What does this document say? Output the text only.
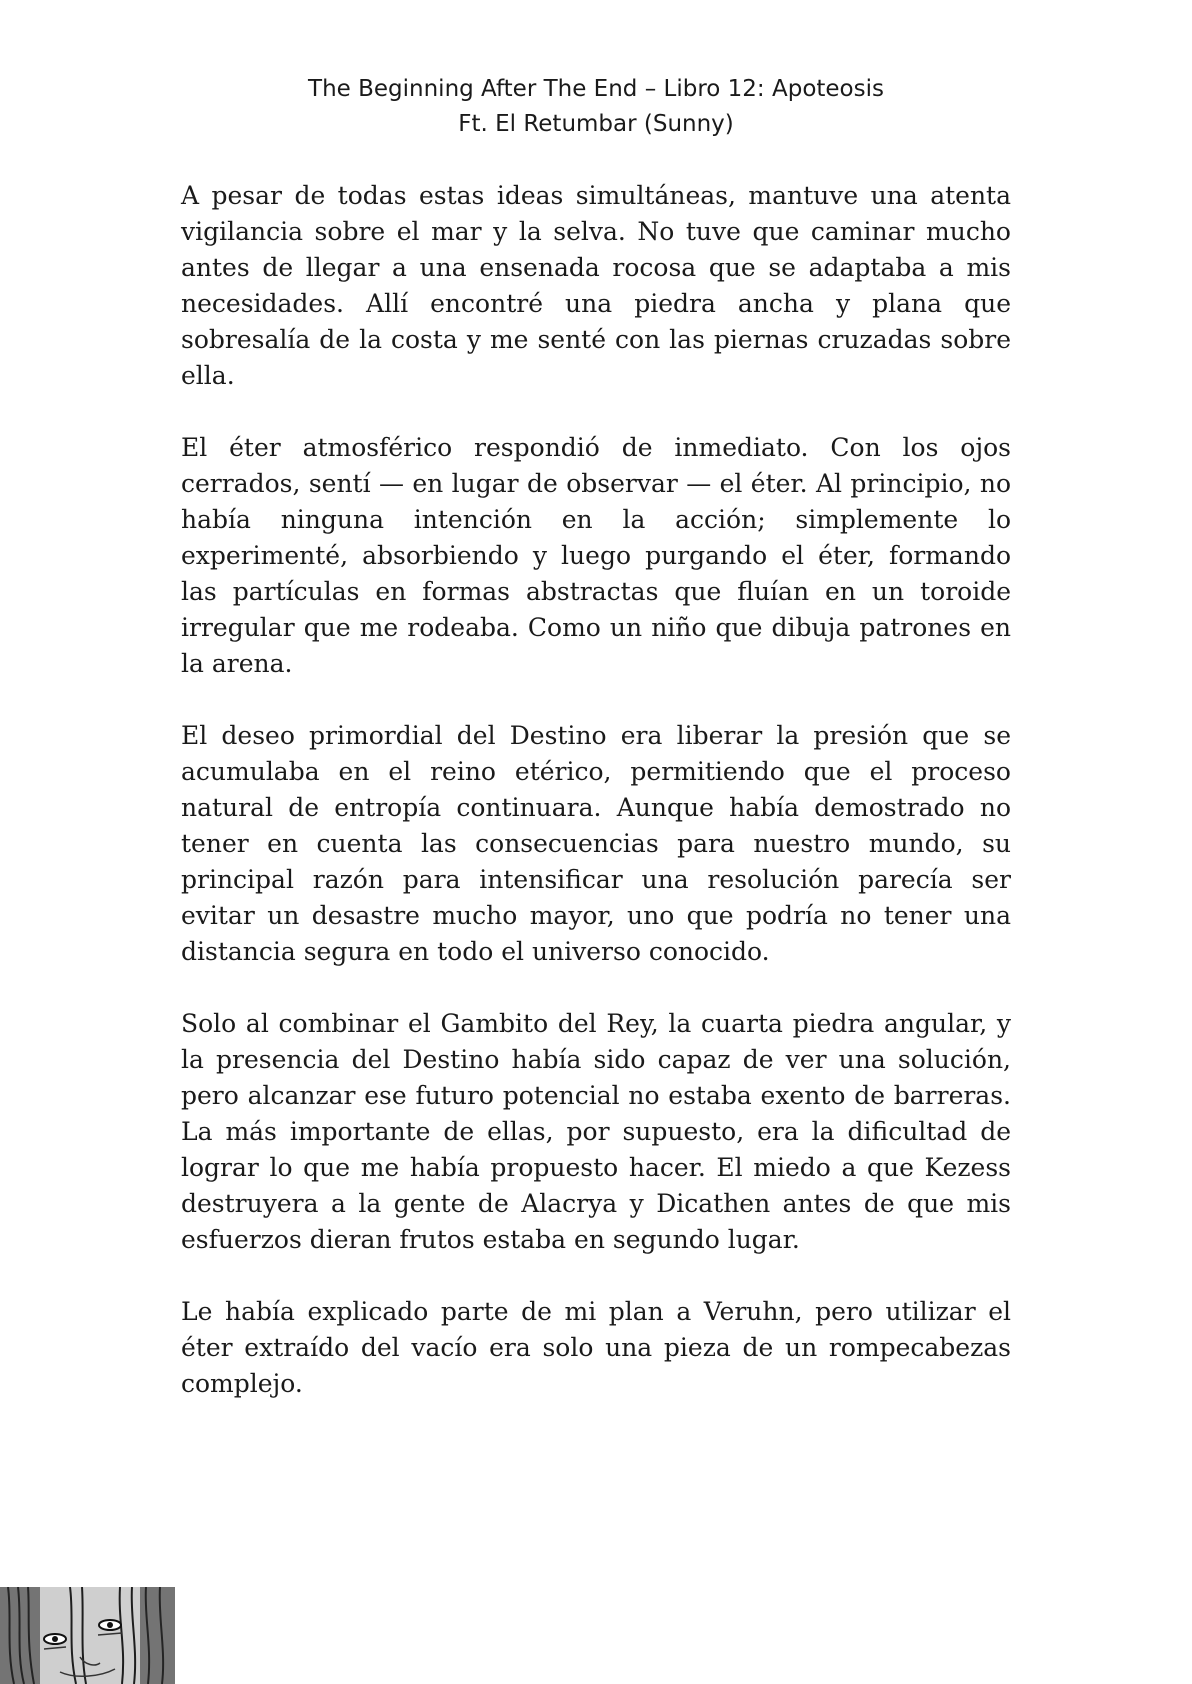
The Beginning After The End – Libro 12: Apoteosis
Ft. El Retumbar (Sunny)

A pesar de todas estas ideas simultáneas, mantuve una atenta vigilancia sobre el mar y la selva. No tuve que caminar mucho antes de llegar a una ensenada rocosa que se adaptaba a mis necesidades. Allí encontré una piedra ancha y plana que sobresalía de la costa y me senté con las piernas cruzadas sobre ella.

El éter atmosférico respondió de inmediato. Con los ojos cerrados, sentí — en lugar de observar — el éter. Al principio, no había ninguna intención en la acción; simplemente lo experimenté, absorbiendo y luego purgando el éter, formando las partículas en formas abstractas que fluían en un toroide irregular que me rodeaba. Como un niño que dibuja patrones en la arena.

El deseo primordial del Destino era liberar la presión que se acumulaba en el reino etérico, permitiendo que el proceso natural de entropía continuara. Aunque había demostrado no tener en cuenta las consecuencias para nuestro mundo, su principal razón para intensificar una resolución parecía ser evitar un desastre mucho mayor, uno que podría no tener una distancia segura en todo el universo conocido.

Solo al combinar el Gambito del Rey, la cuarta piedra angular, y la presencia del Destino había sido capaz de ver una solución, pero alcanzar ese futuro potencial no estaba exento de barreras. La más importante de ellas, por supuesto, era la dificultad de lograr lo que me había propuesto hacer. El miedo a que Kezess destruyera a la gente de Alacrya y Dicathen antes de que mis esfuerzos dieran frutos estaba en segundo lugar.

Le había explicado parte de mi plan a Veruhn, pero utilizar el éter extraído del vacío era solo una pieza de un rompecabezas complejo.
